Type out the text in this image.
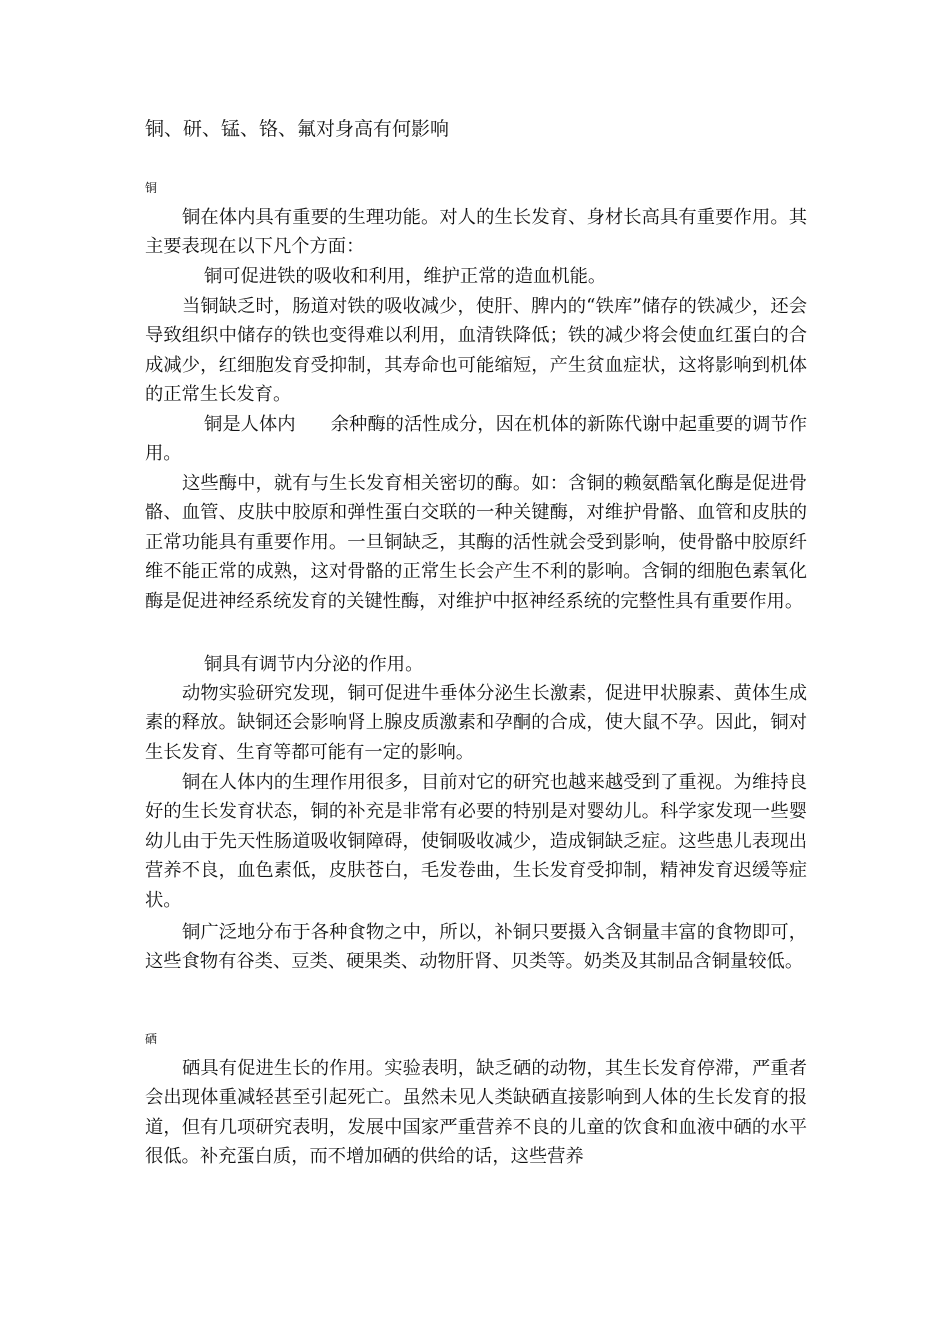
铜、研、锰、铬、氟对身高有何影响
铜

铜在体内具有重要的生理功能。对人的生长发育、身材长高具有重要作用。其主要表现在以下凡个方面：

铜可促进铁的吸收和利用，维护正常的造血机能。

当铜缺乏时，肠道对铁的吸收减少，使肝、脾内的“铁库”储存的铁减少，还会导致组织中储存的铁也变得难以利用，血清铁降低；铁的减少将会使血红蛋白的合成减少，红细胞发育受抑制，其寿命也可能缩短，产生贫血症状，这将影响到机体的正常生长发育。

铜是人体内      余种酶的活性成分，因在机体的新陈代谢中起重要的调节作用。

这些酶中，就有与生长发育相关密切的酶。如：含铜的赖氨酷氧化酶是促进骨骼、血管、皮肤中胶原和弹性蛋白交联的一种关键酶，对维护骨骼、血管和皮肤的正常功能具有重要作用。一旦铜缺乏，其酶的活性就会受到影响，使骨骼中胶原纤维不能正常的成熟，这对骨骼的正常生长会产生不利的影响。含铜的细胞色素氧化酶是促进神经系统发育的关键性酶，对维护中抠神经系统的完整性具有重要作用。

铜具有调节内分泌的作用。

动物实验研究发现，铜可促进牛垂体分泌生长激素，促进甲状腺素、黄体生成素的释放。缺铜还会影响肾上腺皮质激素和孕酮的合成，使大鼠不孕。因此，铜对生长发育、生育等都可能有一定的影响。

铜在人体内的生理作用很多，目前对它的研究也越来越受到了重视。为维持良好的生长发育状态，铜的补充是非常有必要的特别是对婴幼儿。科学家发现一些婴幼儿由于先天性肠道吸收铜障碍，使铜吸收减少，造成铜缺乏症。这些患儿表现出营养不良，血色素低，皮肤苍白，毛发卷曲，生长发育受抑制，精神发育迟缓等症状。

铜广泛地分布于各种食物之中，所以，补铜只要摄入含铜量丰富的食物即可，这些食物有谷类、豆类、硬果类、动物肝肾、贝类等。奶类及其制品含铜量较低。

硒

硒具有促进生长的作用。实验表明，缺乏硒的动物，其生长发育停滞，严重者会出现体重减轻甚至引起死亡。虽然未见人类缺硒直接影响到人体的生长发育的报道，但有几项研究表明，发展中国家严重营养不良的儿童的饮食和血液中硒的水平很低。补充蛋白质，而不增加硒的供给的话，这些营养
